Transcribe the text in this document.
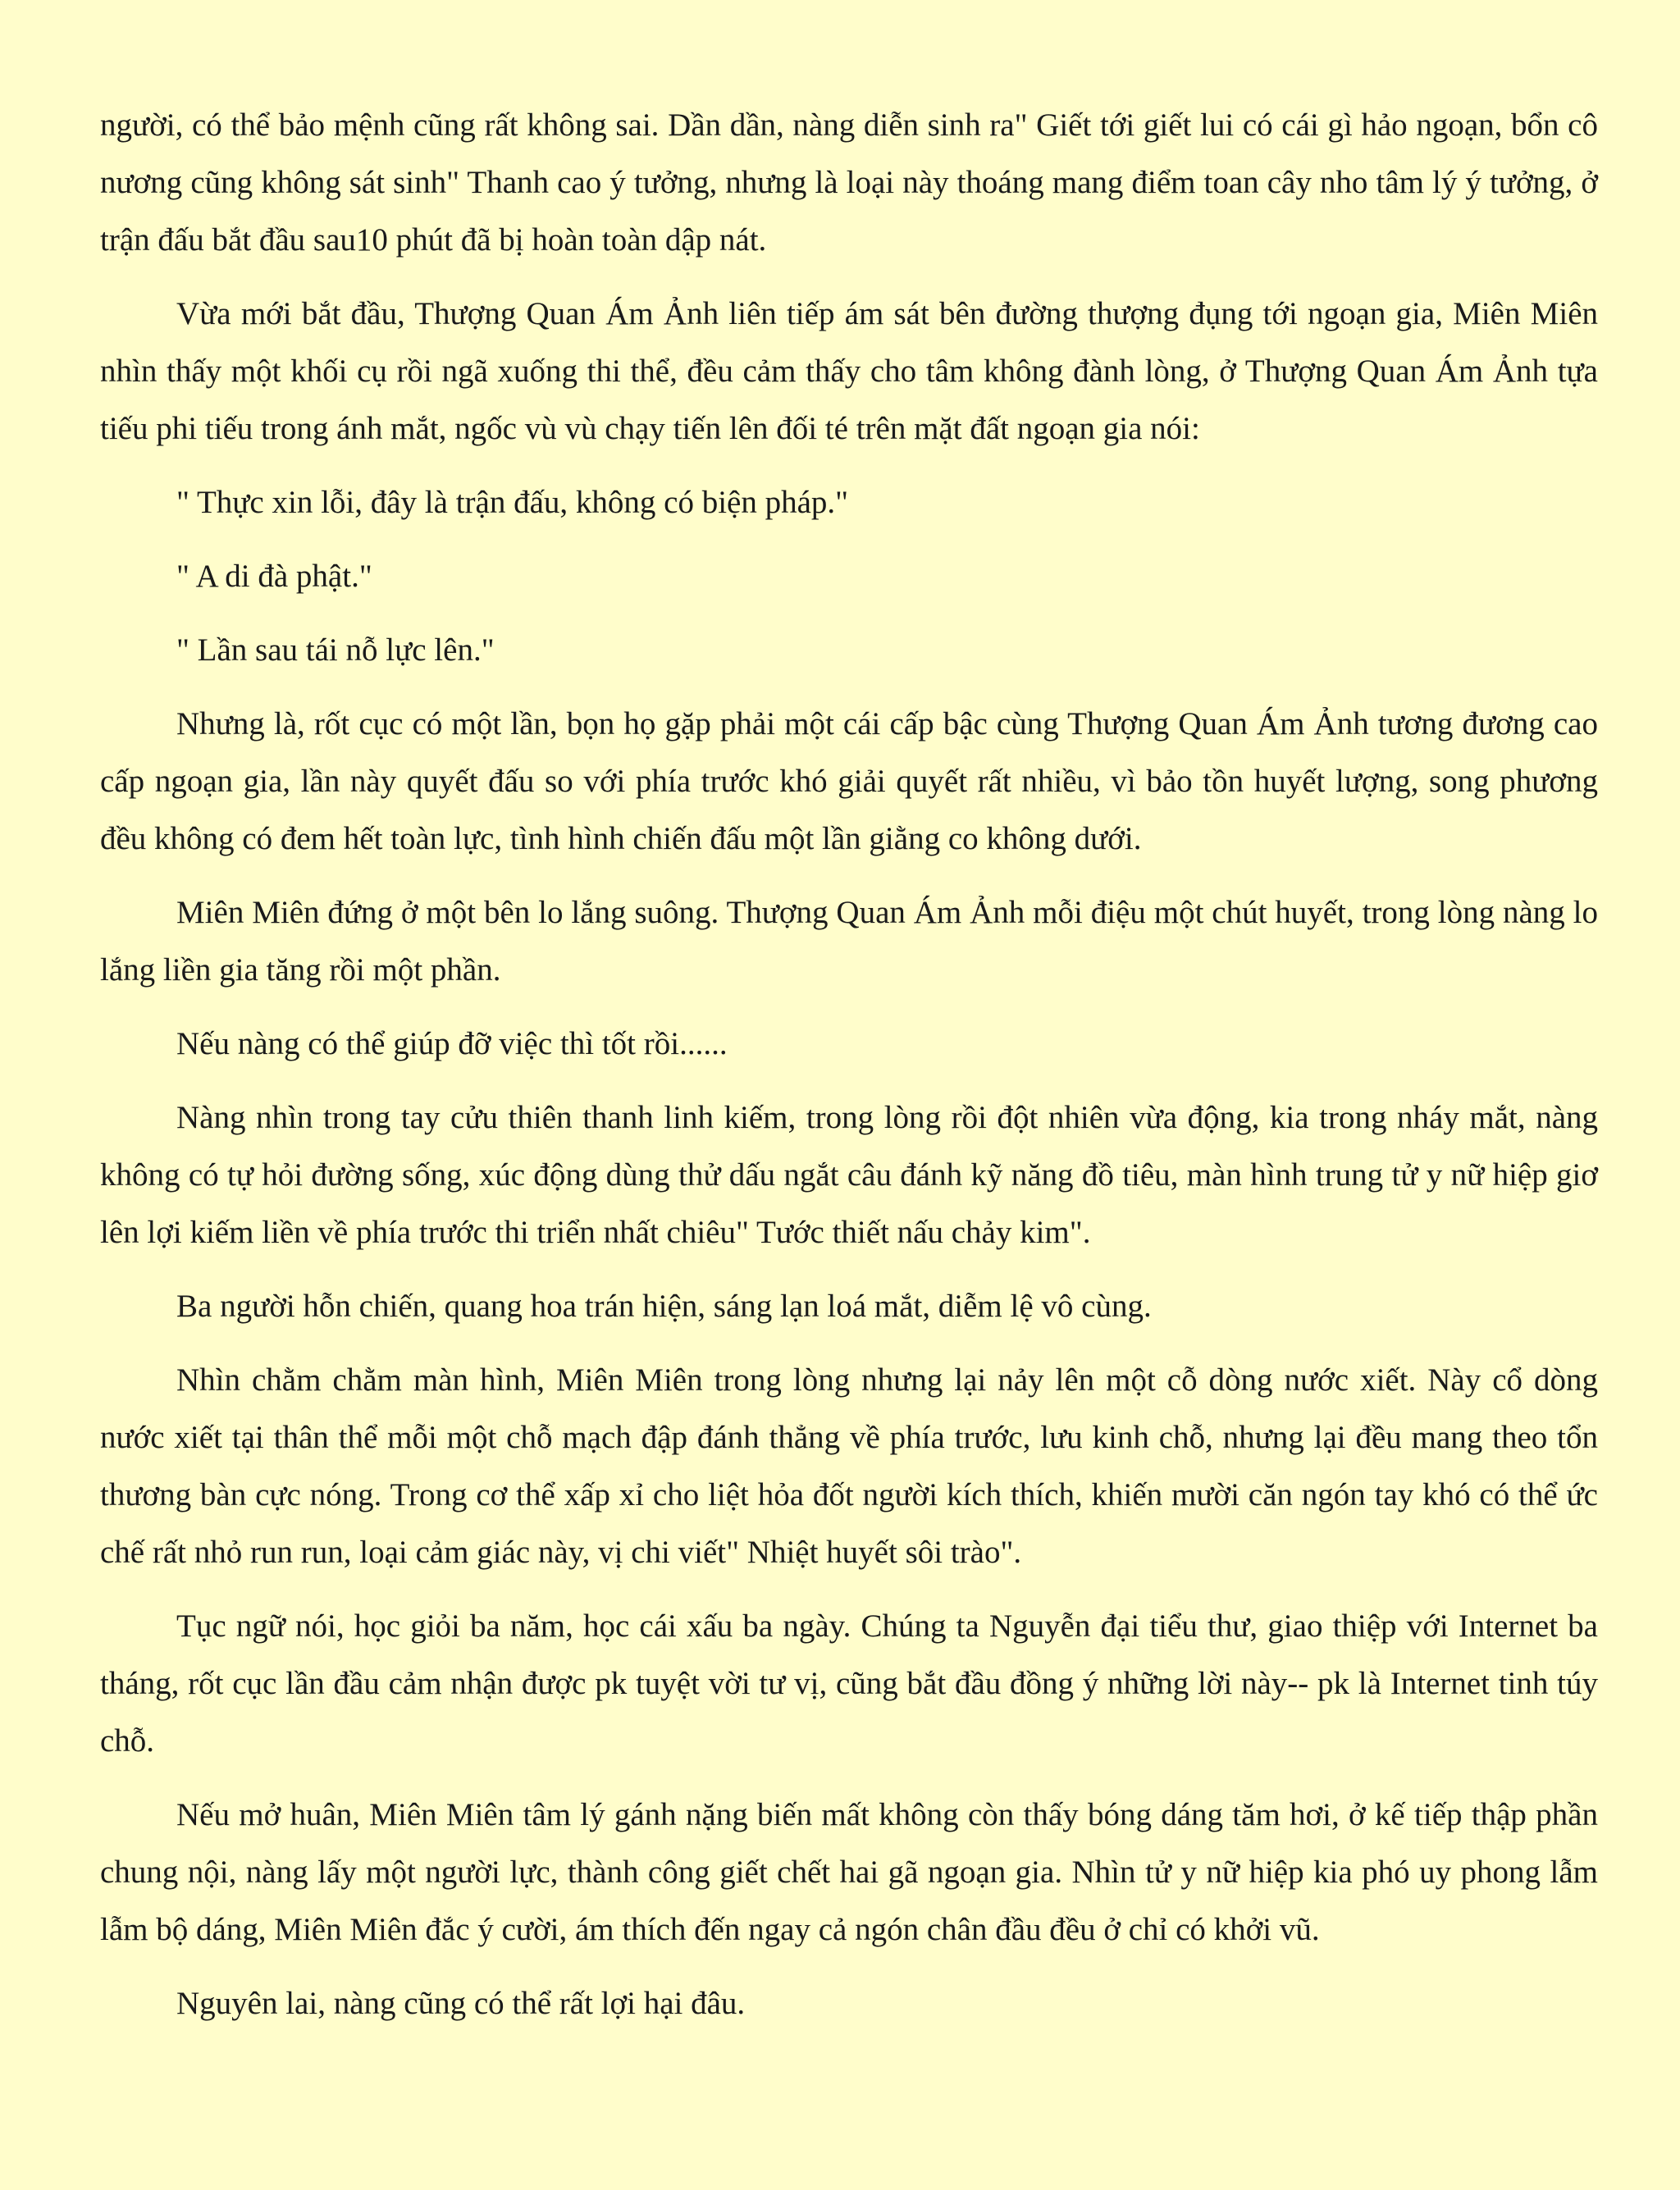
người, có thể bảo mệnh cũng rất không sai. Dần dần, nàng diễn sinh ra" Giết tới giết lui có cái gì hảo ngoạn, bổn cô nương cũng không sát sinh" Thanh cao ý tưởng, nhưng là loại này thoáng mang điểm toan cây nho tâm lý ý tưởng, ở trận đấu bắt đầu sau10 phút đã bị hoàn toàn dập nát.

Vừa mới bắt đầu, Thượng Quan Ám Ảnh liên tiếp ám sát bên đường thượng đụng tới ngoạn gia, Miên Miên nhìn thấy một khối cụ rồi ngã xuống thi thể, đều cảm thấy cho tâm không đành lòng, ở Thượng Quan Ám Ảnh tựa tiếu phi tiếu trong ánh mắt, ngốc vù vù chạy tiến lên đối té trên mặt đất ngoạn gia nói:

" Thực xin lỗi, đây là trận đấu, không có biện pháp."

" A di đà phật."

" Lần sau tái nỗ lực lên."

Nhưng là, rốt cục có một lần, bọn họ gặp phải một cái cấp bậc cùng Thượng Quan Ám Ảnh tương đương cao cấp ngoạn gia, lần này quyết đấu so với phía trước khó giải quyết rất nhiều, vì bảo tồn huyết lượng, song phương đều không có đem hết toàn lực, tình hình chiến đấu một lần giằng co không dưới.

Miên Miên đứng ở một bên lo lắng suông. Thượng Quan Ám Ảnh mỗi điệu một chút huyết, trong lòng nàng lo lắng liền gia tăng rồi một phần.

Nếu nàng có thể giúp đỡ việc thì tốt rồi......

Nàng nhìn trong tay cửu thiên thanh linh kiếm, trong lòng rồi đột nhiên vừa động, kia trong nháy mắt, nàng không có tự hỏi đường sống, xúc động dùng thử dấu ngắt câu đánh kỹ năng đồ tiêu, màn hình trung tử y nữ hiệp giơ lên lợi kiếm liền về phía trước thi triển nhất chiêu" Tước thiết nấu chảy kim".

Ba người hỗn chiến, quang hoa trán hiện, sáng lạn loá mắt, diễm lệ vô cùng.

Nhìn chằm chằm màn hình, Miên Miên trong lòng nhưng lại nảy lên một cỗ dòng nước xiết. Này cổ dòng nước xiết tại thân thể mỗi một chỗ mạch đập đánh thẳng về phía trước, lưu kinh chỗ, nhưng lại đều mang theo tổn thương bàn cực nóng. Trong cơ thể xấp xỉ cho liệt hỏa đốt người kích thích, khiến mười căn ngón tay khó có thể ức chế rất nhỏ run run, loại cảm giác này, vị chi viết" Nhiệt huyết sôi trào".

Tục ngữ nói, học giỏi ba năm, học cái xấu ba ngày. Chúng ta Nguyễn đại tiểu thư, giao thiệp với Internet ba tháng, rốt cục lần đầu cảm nhận được pk tuyệt vời tư vị, cũng bắt đầu đồng ý những lời này-- pk là Internet tinh túy chỗ.

Nếu mở huân, Miên Miên tâm lý gánh nặng biến mất không còn thấy bóng dáng tăm hơi, ở kế tiếp thập phần chung nội, nàng lấy một người lực, thành công giết chết hai gã ngoạn gia. Nhìn tử y nữ hiệp kia phó uy phong lẫm lẫm bộ dáng, Miên Miên đắc ý cười, ám thích đến ngay cả ngón chân đầu đều ở chỉ có khởi vũ.

Nguyên lai, nàng cũng có thể rất lợi hại đâu.
